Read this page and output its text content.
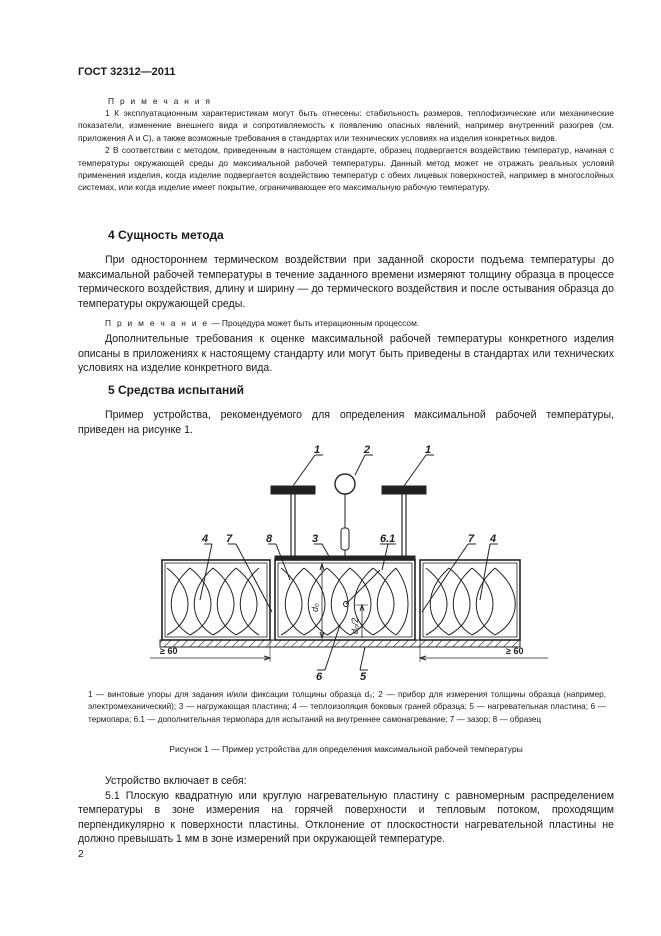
ГОСТ 32312—2011
П р и м е ч а н и я

1 К эксплуатационным характеристикам могут быть отнесены: стабильность размеров, теплофизические или механические показатели, изменение внешнего вида и сопротивляемость к появлению опасных явлений, например внутренний разогрев (см. приложения А и С), а также возможные требования в стандартах или технических условиях на изделия конкретных видов.

2 В соответствии с методом, приведенным в настоящем стандарте, образец подвергается воздействию температур, начиная с температуры окружающей среды до максимальной рабочей температуры. Данный метод может не отражать реальных условий применения изделия, когда изделие подвергается воздействию температур с обеих лицевых поверхностей, например в многослойных системах, или когда изделие имеет покрытие, ограничивающее его максимальную рабочую температуру.

4 Сущность метода

При одностороннем термическом воздействии при заданной скорости подъема температуры до максимальной рабочей температуры в течение заданного времени измеряют толщину образца в процессе термического воздействия, длину и ширину — до термического воздействия и после остывания образца до температуры окружающей среды.

П р и м е ч а н и е — Процедура может быть итерационным процессом.

Дополнительные требования к оценке максимальной рабочей температуры конкретного изделия описаны в приложениях к настоящему стандарту или могут быть приведены в стандартах или технических условиях на изделие конкретного вида.

5 Средства испытаний

Пример устройства, рекомендуемого для определения максимальной рабочей температуры, приведен на рисунке 1.

1	2	1
4 7	8	3	6.1	7 4
6	5
d₀
d₀/2
≥ 60	≥ 60
1 — винтовые упоры для задания и/или фиксации толщины образца d₀; 2 — прибор для измерения толщины образца (например, электромеханический); 3 — нагружающая пластина; 4 — теплоизоляция боковых граней образца; 5 — нагревательная пластина; 6 — термопара; 6.1 — дополнительная термопара для испытаний на внутреннее самонагревание; 7 — зазор; 8 — образец
Рисунок 1 — Пример устройства для определения максимальной рабочей температуры

Устройство включает в себя:

5.1 Плоскую квадратную или круглую нагревательную пластину с равномерным распределением температуры в зоне измерения на горячей поверхности и тепловым потоком, проходящим перпендикулярно к поверхности пластины. Отклонение от плоскостности нагревательной пластины не должно превышать 1 мм в зоне измерений при окружающей температуре.

2
